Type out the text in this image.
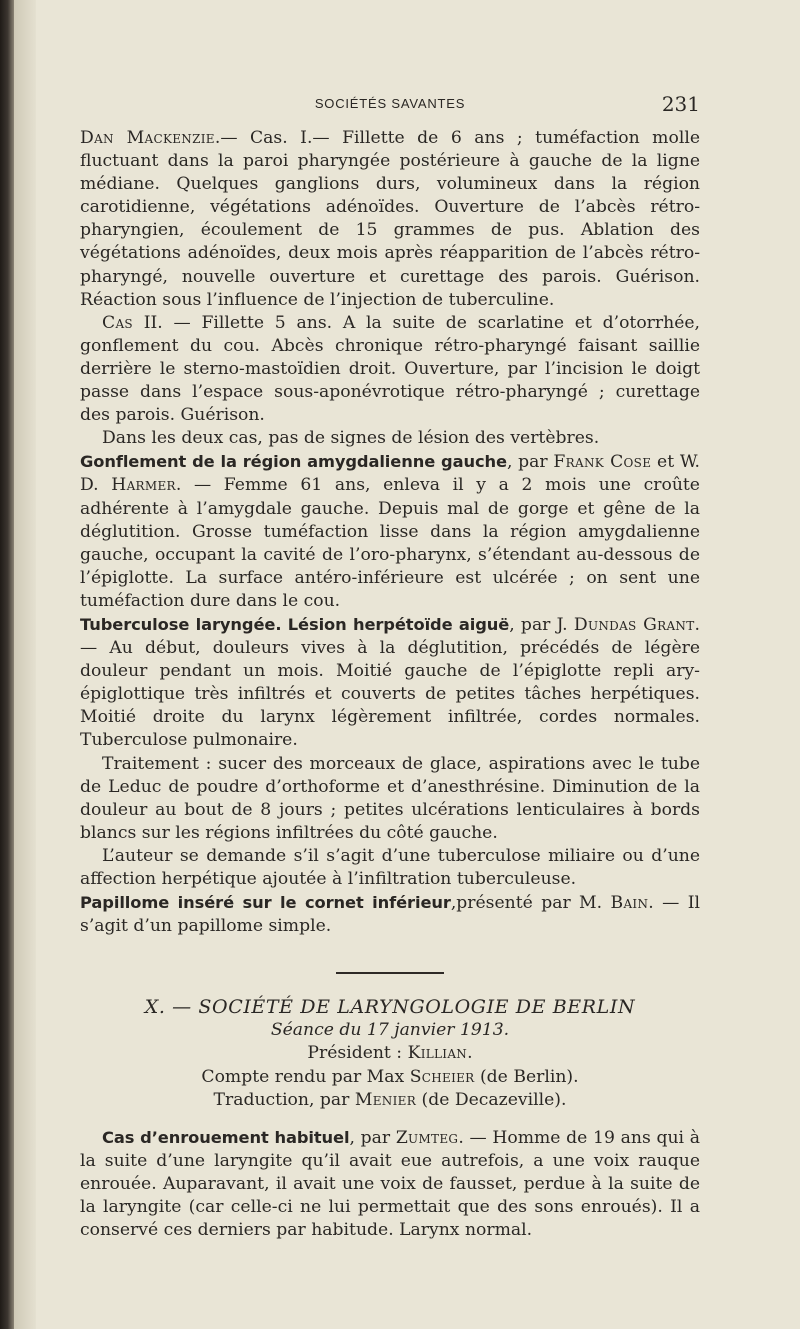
SOCIÉTÉS SAVANTES	231

Dan Mackenzie.— Cas. I.— Fillette de 6 ans ; tuméfaction molle fluctuant dans la paroi pharyngée postérieure à gauche de la ligne médiane. Quelques ganglions durs, volumineux dans la région carotidienne, végétations adénoïdes. Ouverture de l’abcès rétro-pharyngien, écoulement de 15 grammes de pus. Ablation des végétations adénoïdes, deux mois après réapparition de l’abcès rétro-pharyngé, nouvelle ouverture et curettage des parois. Guérison. Réaction sous l’influence de l’injection de tuberculine.

Cas II. — Fillette 5 ans. A la suite de scarlatine et d’otorrhée, gonflement du cou. Abcès chronique rétro-pharyngé faisant saillie derrière le sterno-mastoïdien droit. Ouverture, par l’incision le doigt passe dans l’espace sous-aponévrotique rétro-pharyngé ; curettage des parois. Guérison.

Dans les deux cas, pas de signes de lésion des vertèbres.

Gonflement de la région amygdalienne gauche, par Frank Cose et W. D. Harmer. — Femme 61 ans, enleva il y a 2 mois une croûte adhérente à l’amygdale gauche. Depuis mal de gorge et gêne de la déglutition. Grosse tuméfaction lisse dans la région amygdalienne gauche, occupant la cavité de l’oro-pharynx, s’étendant au-dessous de l’épiglotte. La surface antéro-inférieure est ulcérée ; on sent une tuméfaction dure dans le cou.

Tuberculose laryngée. Lésion herpétoïde aiguë, par J. Dundas Grant. — Au début, douleurs vives à la déglutition, précédés de légère douleur pendant un mois. Moitié gauche de l’épiglotte repli ary-épiglottique très infiltrés et couverts de petites tâches herpétiques. Moitié droite du larynx légèrement infiltrée, cordes normales. Tuberculose pulmonaire.

Traitement : sucer des morceaux de glace, aspirations avec le tube de Leduc de poudre d’orthoforme et d’anesthrésine. Diminution de la douleur au bout de 8 jours ; petites ulcérations lenticulaires à bords blancs sur les régions infiltrées du côté gauche.

L’auteur se demande s’il s’agit d’une tuberculose miliaire ou d’une affection herpétique ajoutée à l’infiltration tuberculeuse.

Papillome inséré sur le cornet inférieur,présenté par M. Bain. — Il s’agit d’un papillome simple.

X. — SOCIÉTÉ DE LARYNGOLOGIE DE BERLIN

Séance du 17 janvier 1913.

Président : Killian.

Compte rendu par Max Scheier (de Berlin).

Traduction, par Menier (de Decazeville).

Cas d’enrouement habituel, par Zumteg. — Homme de 19 ans qui à la suite d’une laryngite qu’il avait eue autrefois, a une voix rauque enrouée. Auparavant, il avait une voix de fausset, perdue à la suite de la laryngite (car celle-ci ne lui permettait que des sons enroués). Il a conservé ces derniers par habitude. Larynx normal.
